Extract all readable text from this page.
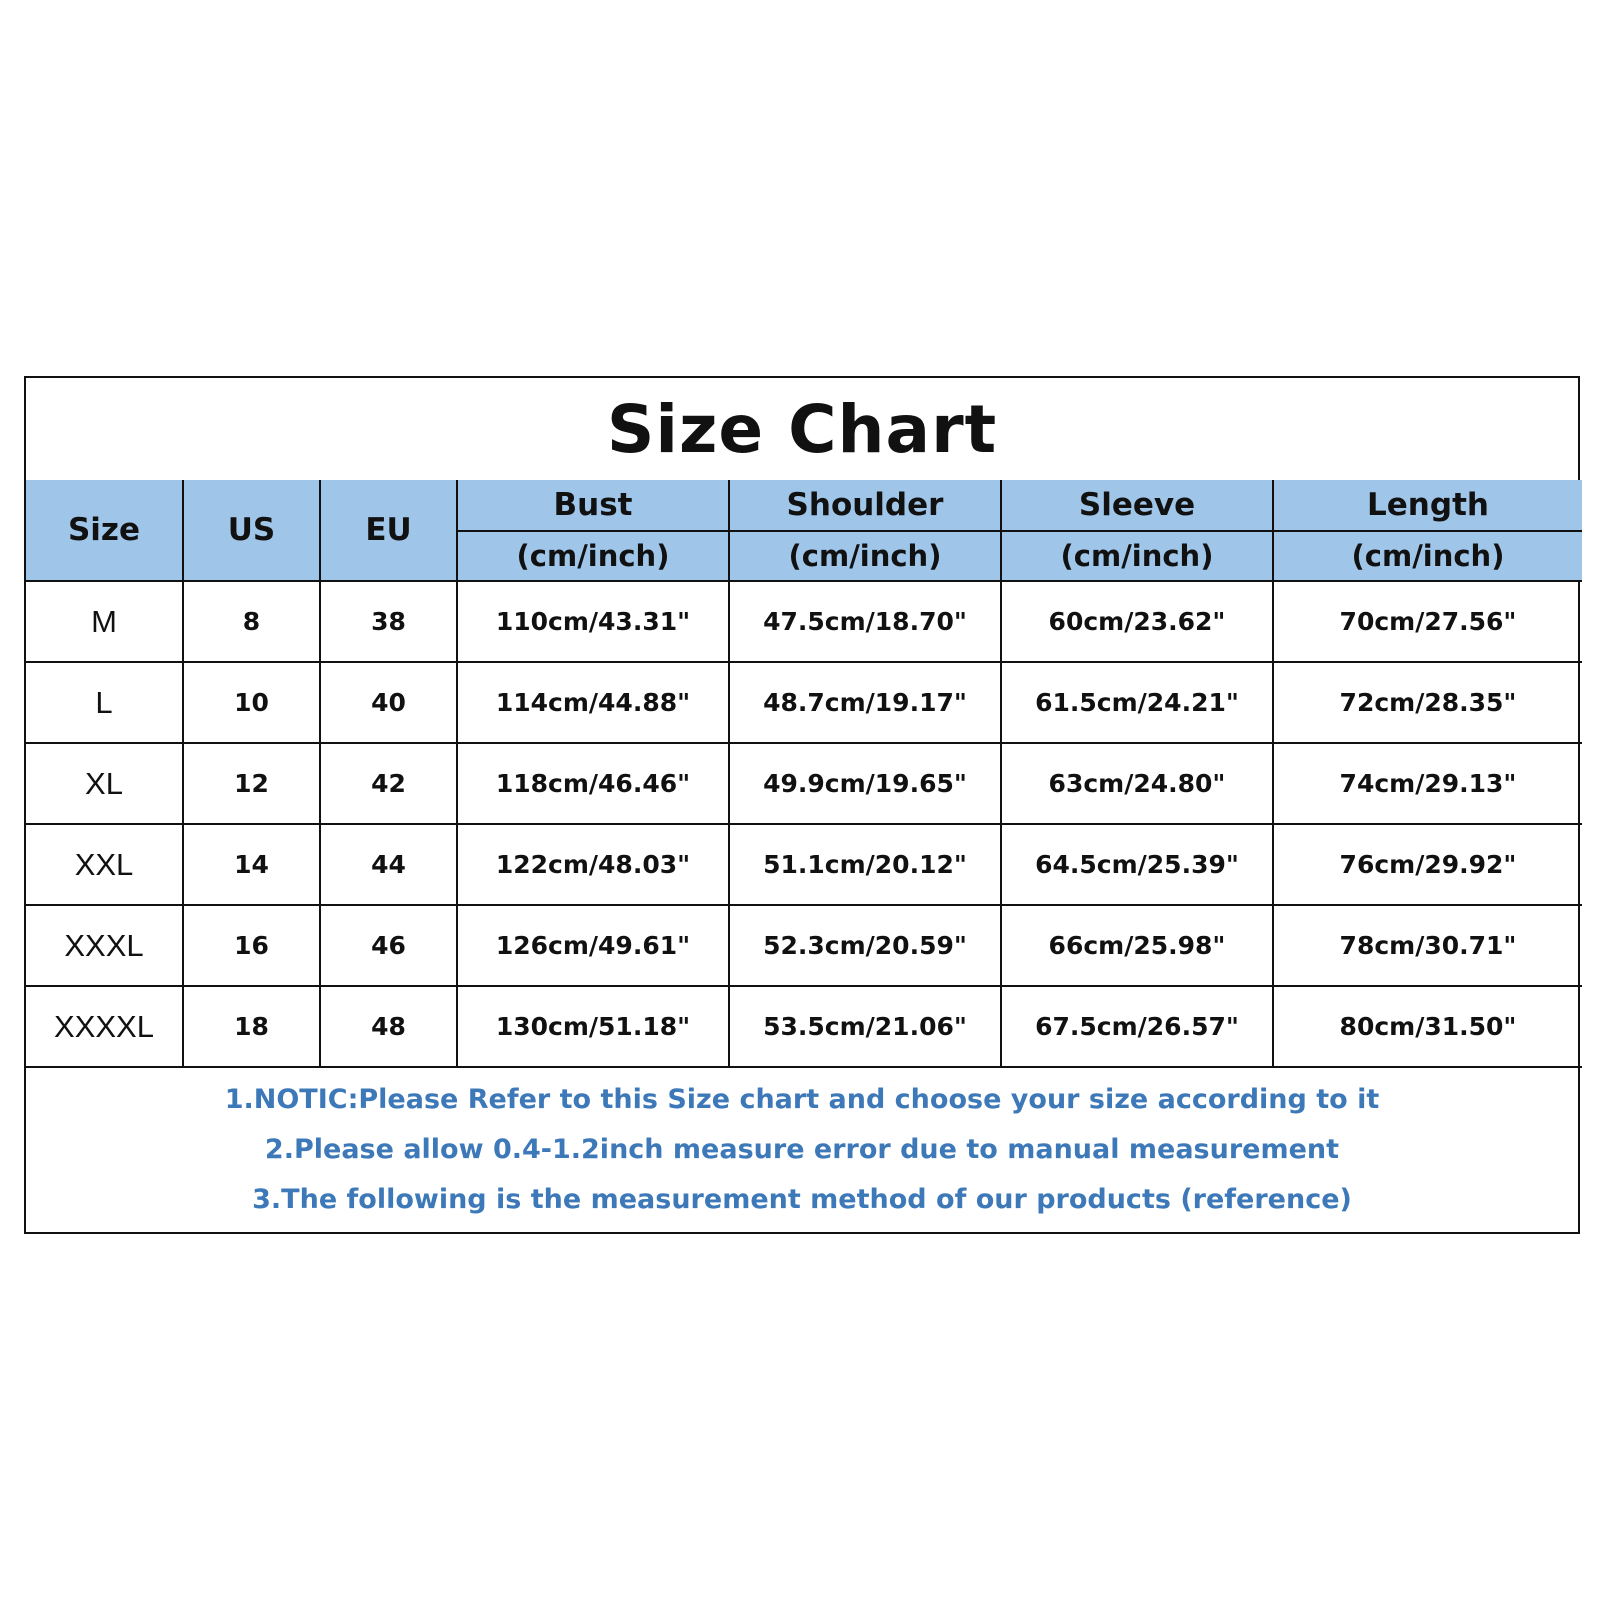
Size Chart
Size	US	EU	Bust	Shoulder	Sleeve	Length
			(cm/inch)	(cm/inch)	(cm/inch)	(cm/inch)
M	8	38	110cm/43.31"	47.5cm/18.70"	60cm/23.62"	70cm/27.56"
L	10	40	114cm/44.88"	48.7cm/19.17"	61.5cm/24.21"	72cm/28.35"
XL	12	42	118cm/46.46"	49.9cm/19.65"	63cm/24.80"	74cm/29.13"
XXL	14	44	122cm/48.03"	51.1cm/20.12"	64.5cm/25.39"	76cm/29.92"
XXXL	16	46	126cm/49.61"	52.3cm/20.59"	66cm/25.98"	78cm/30.71"
XXXXL	18	48	130cm/51.18"	53.5cm/21.06"	67.5cm/26.57"	80cm/31.50"
1.NOTIC:Please Refer to this Size chart and choose your size according to it
2.Please allow 0.4-1.2inch measure error due to manual measurement
3.The following is the measurement method of our products (reference)
